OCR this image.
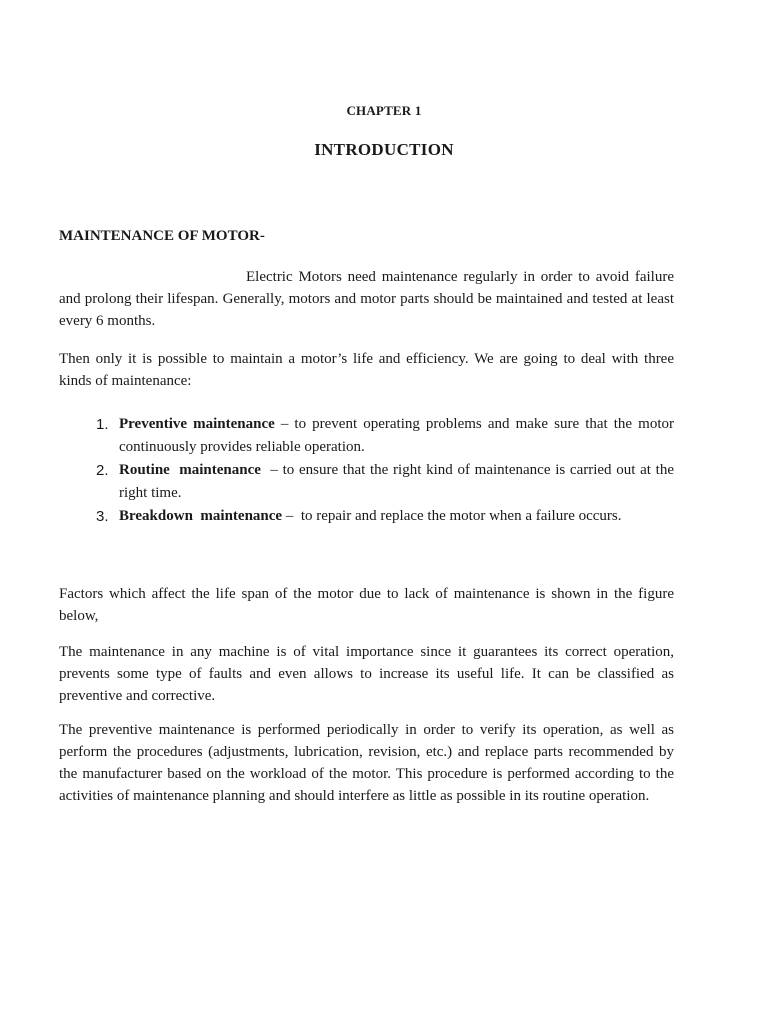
CHAPTER 1
INTRODUCTION
MAINTENANCE OF MOTOR-

Electric Motors need maintenance regularly in order to avoid failure and prolong their lifespan. Generally, motors and motor parts should be maintained and tested at least every 6 months.

Then only it is possible to maintain a motor’s life and efficiency. We are going to deal with three kinds of maintenance:

1. Preventive maintenance – to prevent operating problems and make sure that the motor continuously provides reliable operation.
2. Routine  maintenance  – to ensure that the right kind of maintenance is carried out at the right time.
3. Breakdown  maintenance –  to repair and replace the motor when a failure occurs.

Factors which affect the life span of the motor due to lack of maintenance is shown in the figure below,

The maintenance in any machine is of vital importance since it guarantees its correct operation, prevents some type of faults and even allows to increase its useful life. It can be classified as preventive and corrective.

The preventive maintenance is performed periodically in order to verify its operation, as well as perform the procedures (adjustments, lubrication, revision, etc.) and replace parts recommended by the manufacturer based on the workload of the motor. This procedure is performed according to the activities of maintenance planning and should interfere as little as possible in its routine operation.
